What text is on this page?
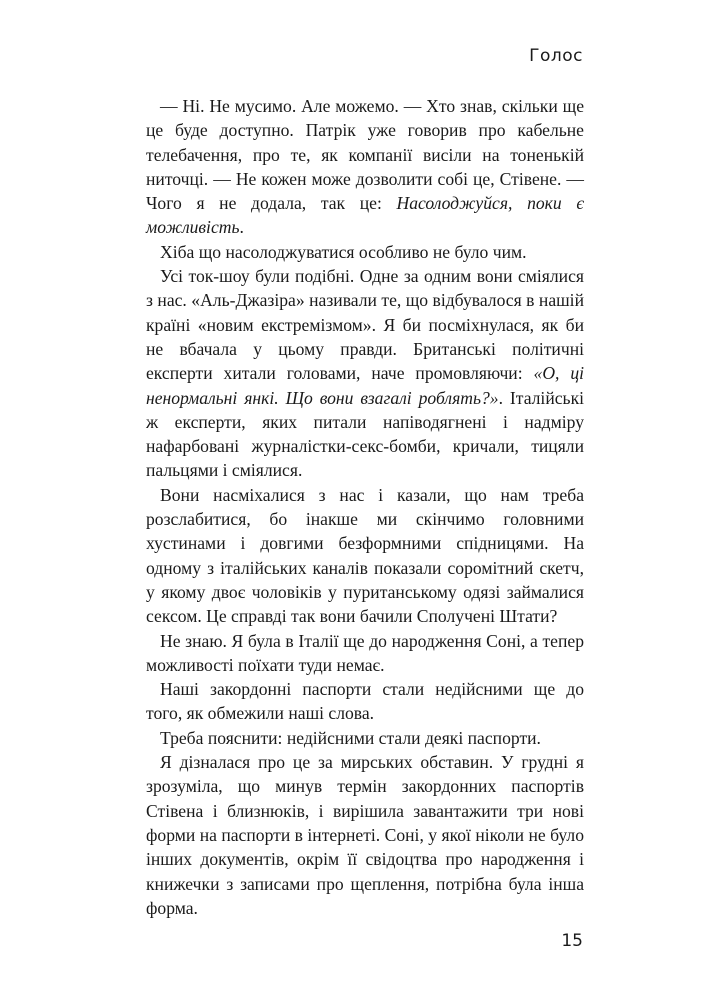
Голос

— Ні. Не мусимо. Але можемо. — Хто знав, скільки ще це буде доступно. Патрік уже говорив про кабельне телебачення, про те, як компанії висіли на тоненькій ниточці. — Не кожен може дозволити собі це, Стівене. — Чого я не додала, так це: Насолоджуйся, поки є можливість.

Хіба що насолоджуватися особливо не було чим.

Усі ток-шоу були подібні. Одне за одним вони сміялися з нас. «Аль-Джазіра» називали те, що відбувалося в нашій країні «новим екстремізмом». Я би посміхнулася, як би не вбачала у цьому правди. Британські політичні експерти хитали головами, наче промовляючи: «О, ці ненормальні янкі. Що вони взагалі роблять?». Італійські ж експерти, яких питали напіводягнені і надміру нафарбовані журналістки-секс-бомби, кричали, тицяли пальцями і сміялися.

Вони насміхалися з нас і казали, що нам треба розслабитися, бо інакше ми скінчимо головними хустинами і довгими безформними спідницями. На одному з італійських каналів показали соромітний скетч, у якому двоє чоловіків у пуританському одязі займалися сексом. Це справді так вони бачили Сполучені Штати?

Не знаю. Я була в Італії ще до народження Соні, а тепер можливості поїхати туди немає.

Наші закордонні паспорти стали недійсними ще до того, як обмежили наші слова.

Треба пояснити: недійсними стали деякі паспорти.

Я дізналася про це за мирських обставин. У грудні я зрозуміла, що минув термін закордонних паспортів Стівена і близнюків, і вирішила завантажити три нові форми на паспорти в інтернеті. Соні, у якої ніколи не було інших документів, окрім її свідоцтва про народження і книжечки з записами про щеплення, потрібна була інша форма.

15
